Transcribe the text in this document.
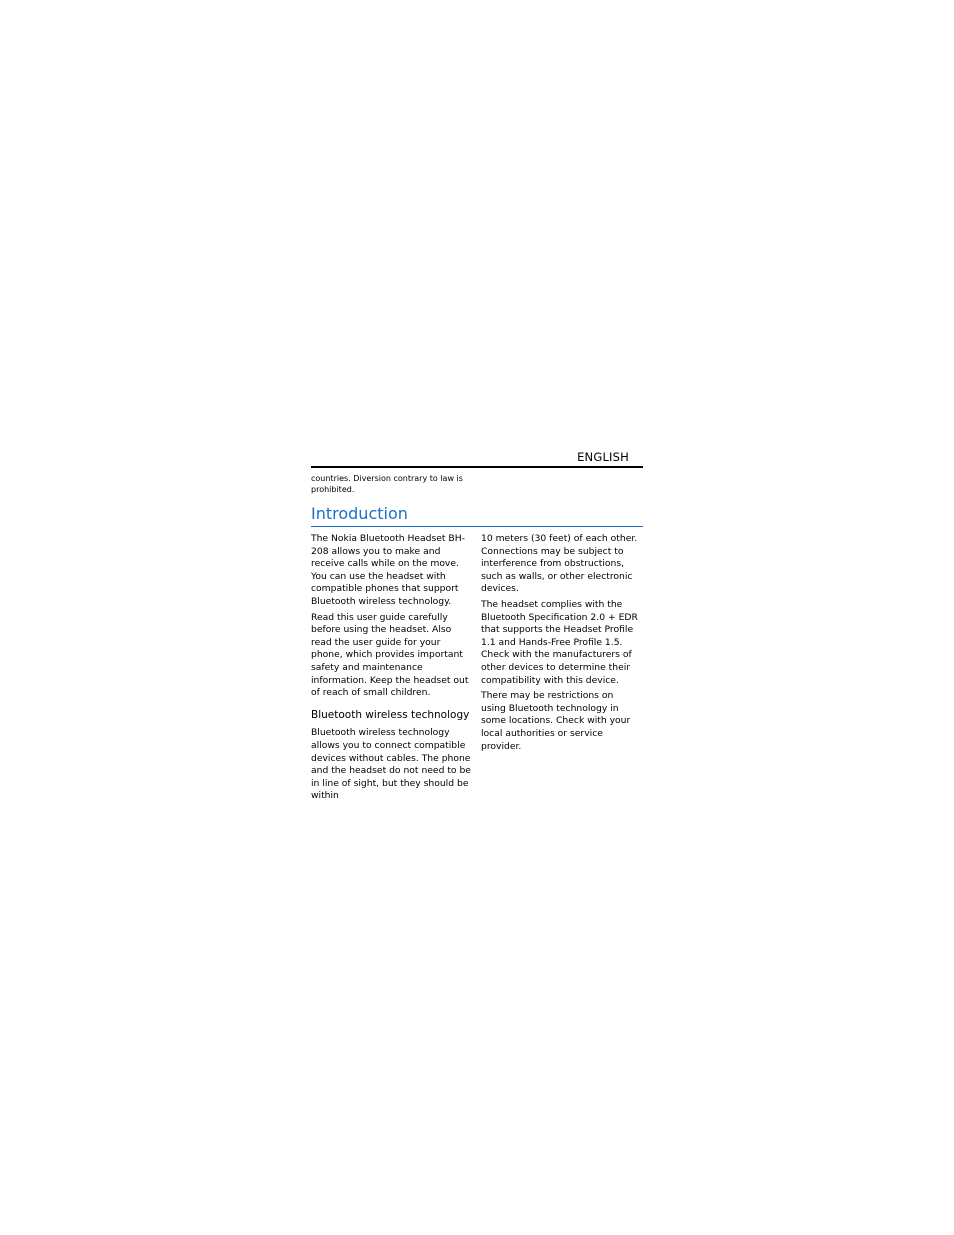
ENGLISH
countries. Diversion contrary to law is prohibited.
Introduction

The Nokia Bluetooth Headset BH-208 allows you to make and receive calls while on the move. You can use the headset with compatible phones that support Bluetooth wireless technology.

Read this user guide carefully before using the headset. Also read the user guide for your phone, which provides important safety and maintenance information. Keep the headset out of reach of small children.

Bluetooth wireless technology

Bluetooth wireless technology allows you to connect compatible devices without cables. The phone and the headset do not need to be in line of sight, but they should be within

10 meters (30 feet) of each other. Connections may be subject to interference from obstructions, such as walls, or other electronic devices.

The headset complies with the Bluetooth Specification 2.0 + EDR that supports the Headset Profile 1.1 and Hands-Free Profile 1.5. Check with the manufacturers of other devices to determine their compatibility with this device.

There may be restrictions on using Bluetooth technology in some locations. Check with your local authorities or service provider.
